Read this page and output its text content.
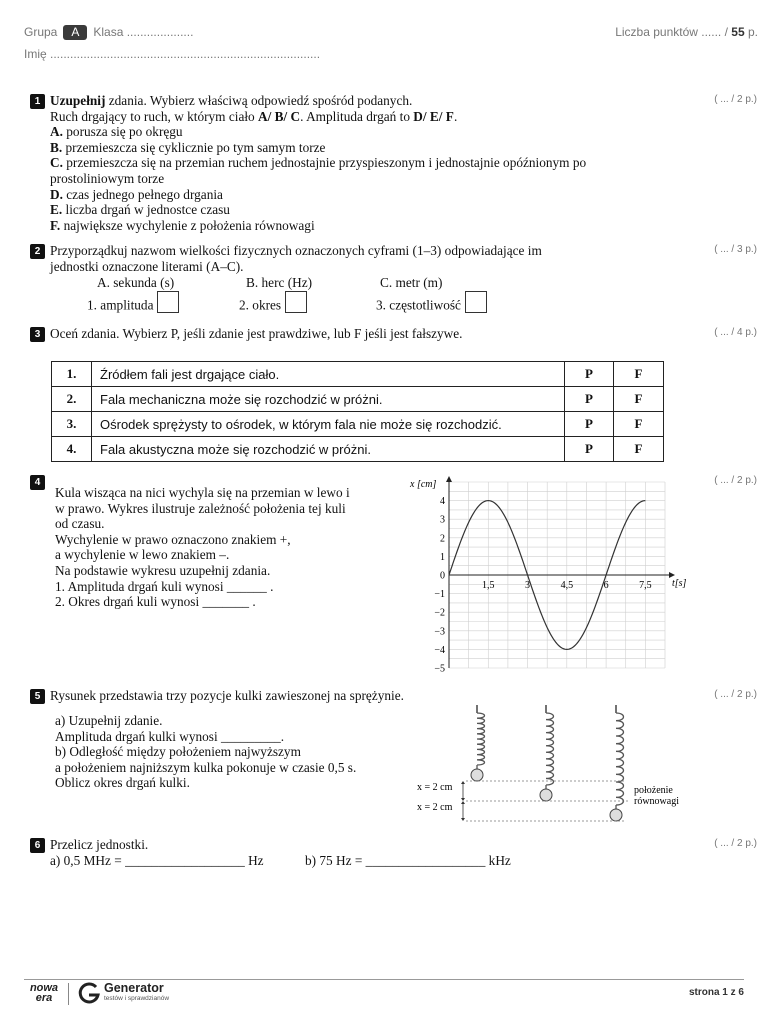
Grupa A Klasa ....................	Liczba punktów ...... / 55 p.
Imię .................................................................................
1	( ... / 2 p.)
Uzupełnij zdania. Wybierz właściwą odpowiedź spośród podanych.
Ruch drgający to ruch, w którym ciało A/ B/ C. Amplituda drgań to D/ E/ F.
A. porusza się po okręgu
B. przemieszcza się cyklicznie po tym samym torze
C. przemieszcza się na przemian ruchem jednostajnie przyspieszonym i jednostajnie opóźnionym po
prostoliniowym torze
D. czas jednego pełnego drgania
E. liczba drgań w jednostce czasu
F. największe wychylenie z położenia równowagi
2	( ... / 3 p.)
Przyporządkuj nazwom wielkości fizycznych oznaczonych cyframi (1–3) odpowiadające im
jednostki oznaczone literami (A–C).
A. sekunda (s)	B. herc (Hz)	C. metr (m)
1. amplituda	2. okres	3. częstotliwość
3	( ... / 4 p.)
Oceń zdania. Wybierz P, jeśli zdanie jest prawdziwe, lub F jeśli jest fałszywe.
1.	Źródłem fali jest drgające ciało.	P	F
2.	Fala mechaniczna może się rozchodzić w próżni.	P	F
3.	Ośrodek sprężysty to ośrodek, w którym fala nie może się rozchodzić.	P	F
4.	Fala akustyczna może się rozchodzić w próżni.	P	F
4	( ... / 2 p.)
Kula wisząca na nici wychyla się na przemian w lewo i
w prawo. Wykres ilustruje zależność położenia tej kuli
od czasu.
Wychylenie w prawo oznaczono znakiem +,
a wychylenie w lewo znakiem –.
Na podstawie wykresu uzupełnij zdania.
1. Amplituda drgań kuli wynosi ______ .
2. Okres drgań kuli wynosi _______ .
4
3
2
1
0
−1
−2
−3
−4
−5
1,5	3	4,5	6	7,5
x [cm]
t[s]
5	( ... / 2 p.)
Rysunek przedstawia trzy pozycje kulki zawieszonej na sprężynie.
a) Uzupełnij zdanie.
Amplituda drgań kulki wynosi _________.
b) Odległość między położeniem najwyższym
a położeniem najniższym kulka pokonuje w czasie 0,5 s.
Oblicz okres drgań kulki.	x = 2 cm
x = 2 cm
położenie
równowagi
6	( ... / 2 p.)
Przelicz jednostki.
a) 0,5 MHz = __________________ Hz	b) 75 Hz = __________________ kHz
nowa
era
Generator
testów i sprawdzianów
strona 1 z 6
